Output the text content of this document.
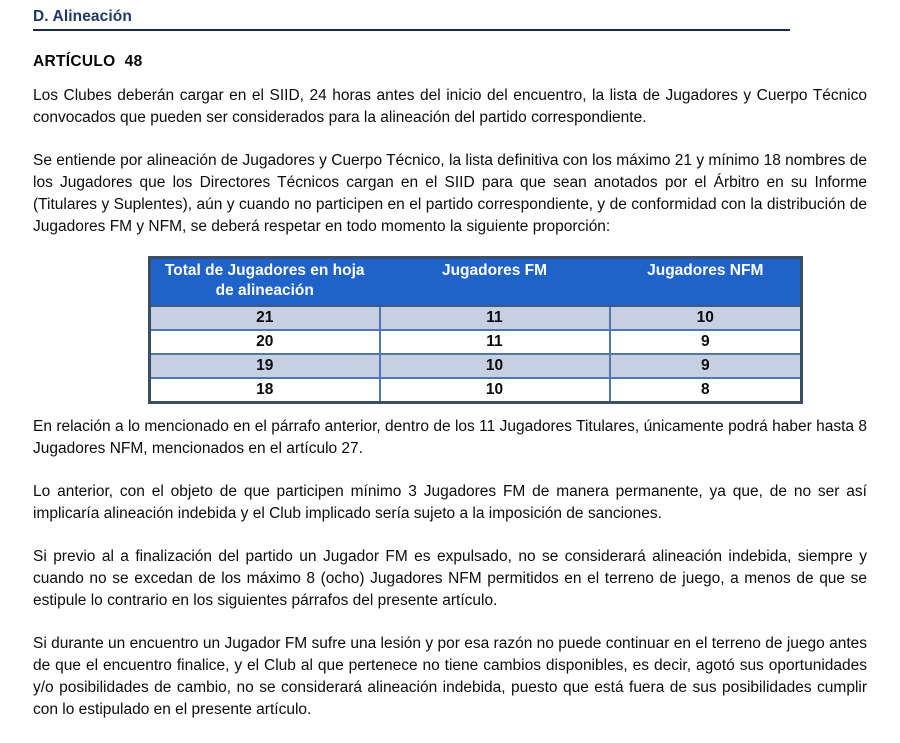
D. Alineación
ARTÍCULO  48

Los Clubes deberán cargar en el SIID, 24 horas antes del inicio del encuentro, la lista de Jugadores y Cuerpo Técnico convocados que pueden ser considerados para la alineación del partido correspondiente.

Se entiende por alineación de Jugadores y Cuerpo Técnico, la lista definitiva con los máximo 21 y mínimo 18 nombres de los Jugadores que los Directores Técnicos cargan en el SIID para que sean anotados por el Árbitro en su Informe (Titulares y Suplentes), aún y cuando no participen en el partido correspondiente, y de conformidad con la distribución de Jugadores FM y NFM, se deberá respetar en todo momento la siguiente proporción:

Total de Jugadores en hoja de alineación	Jugadores FM	Jugadores NFM
21	11	10
20	11	9
19	10	9
18	10	8

En relación a lo mencionado en el párrafo anterior, dentro de los 11 Jugadores Titulares, únicamente podrá haber hasta 8 Jugadores NFM, mencionados en el artículo 27.

Lo anterior, con el objeto de que participen mínimo 3 Jugadores FM de manera permanente, ya que, de no ser así implicaría alineación indebida y el Club implicado sería sujeto a la imposición de sanciones.

Si previo al a finalización del partido un Jugador FM es expulsado, no se considerará alineación indebida, siempre y cuando no se excedan de los máximo 8 (ocho) Jugadores NFM permitidos en el terreno de juego, a menos de que se estipule lo contrario en los siguientes párrafos del presente artículo.

Si durante un encuentro un Jugador FM sufre una lesión y por esa razón no puede continuar en el terreno de juego antes de que el encuentro finalice, y el Club al que pertenece no tiene cambios disponibles, es decir, agotó sus oportunidades y/o posibilidades de cambio, no se considerará alineación indebida, puesto que está fuera de sus posibilidades cumplir con lo estipulado en el presente artículo.
